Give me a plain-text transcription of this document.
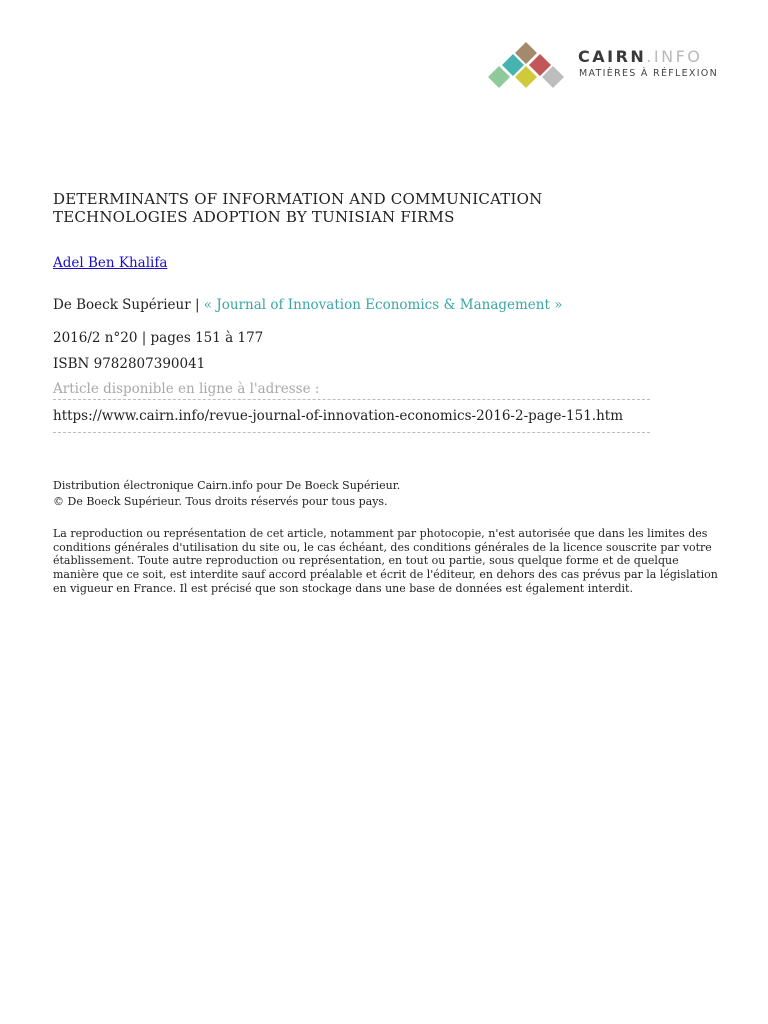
CAIRN.INFO
MATIÈRES À RÉFLEXION
DETERMINANTS OF INFORMATION AND COMMUNICATION
TECHNOLOGIES ADOPTION BY TUNISIAN FIRMS
Adel Ben Khalifa
De Boeck Supérieur | « Journal of Innovation Economics & Management »
2016/2 n°20 | pages 151 à 177
ISBN 9782807390041
Article disponible en ligne à l'adresse :
https://www.cairn.info/revue-journal-of-innovation-economics-2016-2-page-151.htm
Distribution électronique Cairn.info pour De Boeck Supérieur.
© De Boeck Supérieur. Tous droits réservés pour tous pays.

La reproduction ou représentation de cet article, notamment par photocopie, n'est autorisée que dans les limites des conditions générales d'utilisation du site ou, le cas échéant, des conditions générales de la licence souscrite par votre établissement. Toute autre reproduction ou représentation, en tout ou partie, sous quelque forme et de quelque manière que ce soit, est interdite sauf accord préalable et écrit de l'éditeur, en dehors des cas prévus par la législation en vigueur en France. Il est précisé que son stockage dans une base de données est également interdit.
